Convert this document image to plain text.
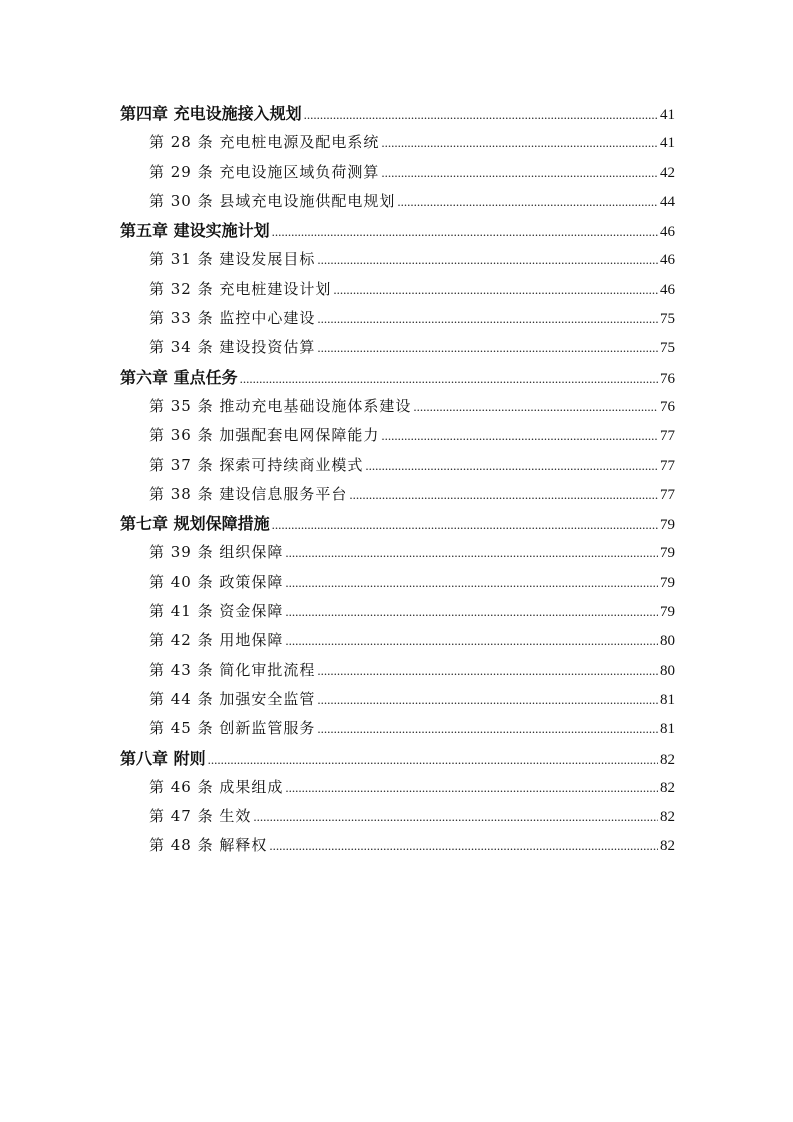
第四章 充电设施接入规划 .....	41
第 28 条 充电桩电源及配电系统 .....	41
第 29 条 充电设施区域负荷测算 .....	42
第 30 条 县域充电设施供配电规划 .....	44
第五章 建设实施计划 .....	46
第 31 条 建设发展目标 .....	46
第 32 条 充电桩建设计划 .....	46
第 33 条 监控中心建设 .....	75
第 34 条 建设投资估算 .....	75
第六章 重点任务 .....	76
第 35 条 推动充电基础设施体系建设 .....	76
第 36 条 加强配套电网保障能力 .....	77
第 37 条 探索可持续商业模式 .....	77
第 38 条 建设信息服务平台 .....	77
第七章 规划保障措施 .....	79
第 39 条 组织保障 .....	79
第 40 条 政策保障 .....	79
第 41 条 资金保障 .....	79
第 42 条 用地保障 .....	80
第 43 条 简化审批流程 .....	80
第 44 条 加强安全监管 .....	81
第 45 条 创新监管服务 .....	81
第八章 附则 .....	82
第 46 条 成果组成 .....	82
第 47 条 生效 .....	82
第 48 条 解释权 .....	82
